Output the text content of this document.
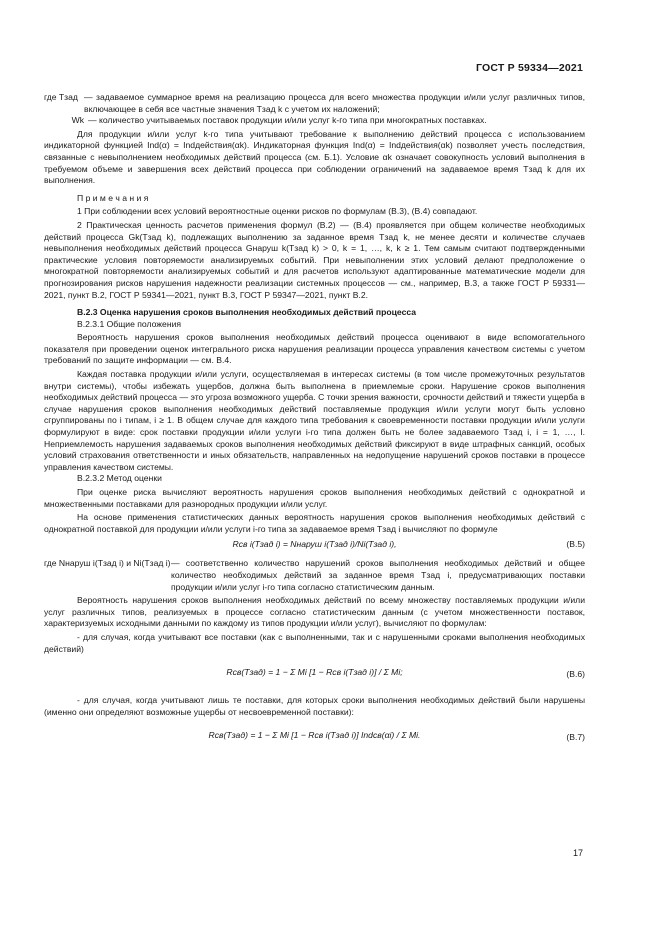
ГОСТ Р 59334—2021
где Tзад — задаваемое суммарное время на реализацию процесса для всего множества продукции и/или услуг различных типов, включающее в себя все частные значения Tзад k с учетом их наложений;
Wk — количество учитываемых поставок продукции и/или услуг k-го типа при многократных поставках.

Для продукции и/или услуг k-го типа учитывают требование к выполнению действий процесса с использованием индикаторной функцией Ind(α) = Indдействия(αk). Индикаторная функция Ind(α) = Indдействия(αk) позволяет учесть последствия, связанные с невыполнением необходимых действий процесса (см. Б.1). Условие αk означает совокупность условий выполнения в требуемом объеме и завершения всех действий процесса при соблюдении ограничений на задаваемое время Tзад k для их выполнения.

П р и м е ч а н и я

1 При соблюдении всех условий вероятностные оценки рисков по формулам (В.3), (В.4) совпадают.

2 Практическая ценность расчетов применения формул (В.2) — (В.4) проявляется при общем количестве необходимых действий процесса Gk(Tзад k), подлежащих выполнению за заданное время Tзад k, не менее десяти и количестве случаев невыполнения необходимых действий процесса Gнаруш k(Tзад k) > 0, k = 1, …, k, k ≥ 1. Тем самым считают подтвержденными практические условия повторяемости анализируемых событий. При невыполнении этих условий делают предположение о многократной повторяемости анализируемых событий и для расчетов используют адаптированные математические модели для прогнозирования рисков нарушения надежности реализации системных процессов — см., например, В.3, а также ГОСТ Р 59331—2021, пункт В.2, ГОСТ Р 59341—2021, пункт В.3, ГОСТ Р 59347—2021, пункт В.2.

В.2.3 Оценка нарушения сроков выполнения необходимых действий процесса

В.2.3.1 Общие положения

Вероятность нарушения сроков выполнения необходимых действий процесса оценивают в виде вспомогательного показателя при проведении оценок интегрального риска нарушения реализации процесса управления качеством системы с учетом требований по защите информации — см. В.4.

Каждая поставка продукции и/или услуги, осуществляемая в интересах системы (в том числе промежуточных результатов внутри системы), чтобы избежать ущербов, должна быть выполнена в приемлемые сроки. Нарушение сроков выполнения необходимых действий процесса — это угроза возможного ущерба. С точки зрения важности, срочности действий и тяжести ущерба в случае нарушения сроков выполнения необходимых действий поставляемые продукция и/или услуги могут быть условно сгруппированы по i типам, i ≥ 1. В общем случае для каждого типа требования к своевременности поставки продукции и/или услуги формулируют в виде: срок поставки продукции и/или услуги i-го типа должен быть не более задаваемого Tзад i, i = 1, …, I. Неприемлемость нарушения задаваемых сроков выполнения необходимых действий фиксируют в виде штрафных санкций, особых условий страхования ответственности и иных обязательств, направленных на недопущение нарушений сроков поставки в процессе управления качеством системы.

В.2.3.2 Метод оценки

При оценке риска вычисляют вероятность нарушения сроков выполнения необходимых действий с однократной и множественными поставками для разнородных продукции и/или услуг.

На основе применения статистических данных вероятность нарушения сроков выполнения необходимых действий с однократной поставкой для продукции и/или услуги i-го типа за задаваемое время Tзад i вычисляют по формуле

Rсв i(Tзад i) = Nнаруш i(Tзад i)/Ni(Tзад i),	(В.5)
где Nнаруш i(Tзад i) и Ni(Tзад i) — соответственно количество нарушений сроков выполнения необходимых действий и общее количество необходимых действий за заданное время Tзад i, предусматривающих поставки продукции и/или услуг i-го типа согласно статистическим данным.

Вероятность нарушения сроков выполнения необходимых действий по всему множеству поставляемых продукции и/или услуг различных типов, реализуемых в процессе согласно статистическим данным (с учетом множественности поставок, характеризуемых исходными данными по каждому из типов продукции и/или услуг), вычисляют по формулам:

- для случая, когда учитывают все поставки (как с выполненными, так и с нарушенными сроками выполнения необходимых действий)

Rсв(Tзад) = 1 − Σ Mi [1 − Rсв i(Tзад i)] / Σ Mi;	(В.6)

- для случая, когда учитывают лишь те поставки, для которых сроки выполнения необходимых действий были нарушены (именно они определяют возможные ущербы от несвоевременной поставки):

Rсв(Tзад) = 1 − Σ Mi [1 − Rсв i(Tзад i)] Indсв(αi) / Σ Mi.	(В.7)
17
